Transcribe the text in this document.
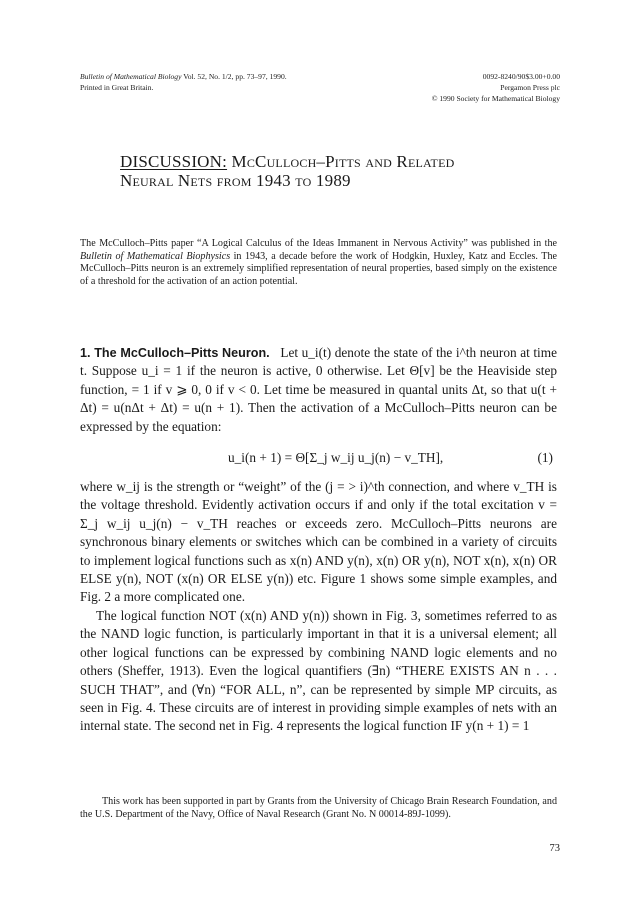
Bulletin of Mathematical Biology Vol. 52, No. 1/2, pp. 73–97, 1990.
Printed in Great Britain.
0092-8240/90$3.00+0.00
Pergamon Press plc
© 1990 Society for Mathematical Biology
DISCUSSION: McCulloch–Pitts and Related
Neural Nets from 1943 to 1989
The McCulloch–Pitts paper “A Logical Calculus of the Ideas Immanent in Nervous Activity” was published in the Bulletin of Mathematical Biophysics in 1943, a decade before the work of Hodgkin, Huxley, Katz and Eccles. The McCulloch–Pitts neuron is an extremely simplified representation of neural properties, based simply on the existence of a threshold for the activation of an action potential.

1. The McCulloch–Pitts Neuron. Let u_i(t) denote the state of the i^th neuron at time t. Suppose u_i = 1 if the neuron is active, 0 otherwise. Let Θ[v] be the Heaviside step function, = 1 if v ⩾ 0, 0 if v < 0. Let time be measured in quantal units Δt, so that u(t + Δt) = u(nΔt + Δt) = u(n + 1). Then the activation of a McCulloch–Pitts neuron can be expressed by the equation:

u_i(n + 1) = Θ[Σ_j w_ij u_j(n) − v_TH],	(1)

where w_ij is the strength or “weight” of the (j = > i)^th connection, and where v_TH is the voltage threshold. Evidently activation occurs if and only if the total excitation v = Σ_j w_ij u_j(n) − v_TH reaches or exceeds zero. McCulloch–Pitts neurons are synchronous binary elements or switches which can be combined in a variety of circuits to implement logical functions such as x(n) AND y(n), x(n) OR y(n), NOT x(n), x(n) OR ELSE y(n), NOT (x(n) OR ELSE y(n)) etc. Figure 1 shows some simple examples, and Fig. 2 a more complicated one.

The logical function NOT (x(n) AND y(n)) shown in Fig. 3, sometimes referred to as the NAND logic function, is particularly important in that it is a universal element; all other logical functions can be expressed by combining NAND logic elements and no others (Sheffer, 1913). Even the logical quantifiers (∃n) “THERE EXISTS AN n . . . SUCH THAT”, and (∀n) “FOR ALL, n”, can be represented by simple MP circuits, as seen in Fig. 4. These circuits are of interest in providing simple examples of nets with an internal state. The second net in Fig. 4 represents the logical function IF y(n + 1) = 1

This work has been supported in part by Grants from the University of Chicago Brain Research Foundation, and the U.S. Department of the Navy, Office of Naval Research (Grant No. N 00014-89J-1099).
73
